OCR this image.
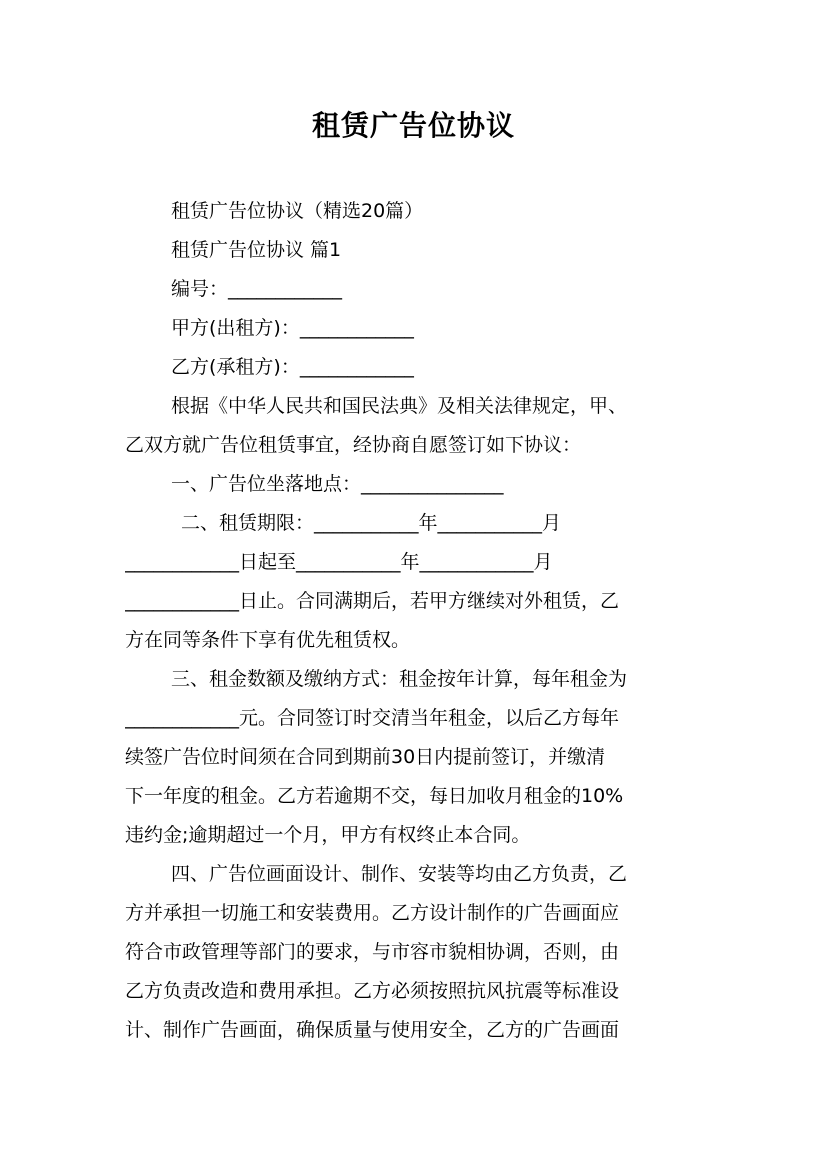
租赁广告位协议
租赁广告位协议（精选20篇）
租赁广告位协议 篇1
编号：____________
甲方(出租方)：____________
乙方(承租方)：____________
根据《中华人民共和国民法典》及相关法律规定，甲、
乙双方就广告位租赁事宜，经协商自愿签订如下协议：
一、广告位坐落地点：_______________
二、租赁期限：___________年___________月
____________日起至___________年____________月
____________日止。合同满期后，若甲方继续对外租赁，乙
方在同等条件下享有优先租赁权。
三、租金数额及缴纳方式：租金按年计算，每年租金为
____________元。合同签订时交清当年租金，以后乙方每年
续签广告位时间须在合同到期前30日内提前签订，并缴清
下一年度的租金。乙方若逾期不交，每日加收月租金的10%
违约金;逾期超过一个月，甲方有权终止本合同。
四、广告位画面设计、制作、安装等均由乙方负责，乙
方并承担一切施工和安装费用。乙方设计制作的广告画面应
符合市政管理等部门的要求，与市容市貌相协调，否则，由
乙方负责改造和费用承担。乙方必须按照抗风抗震等标准设
计、制作广告画面，确保质量与使用安全，乙方的广告画面
